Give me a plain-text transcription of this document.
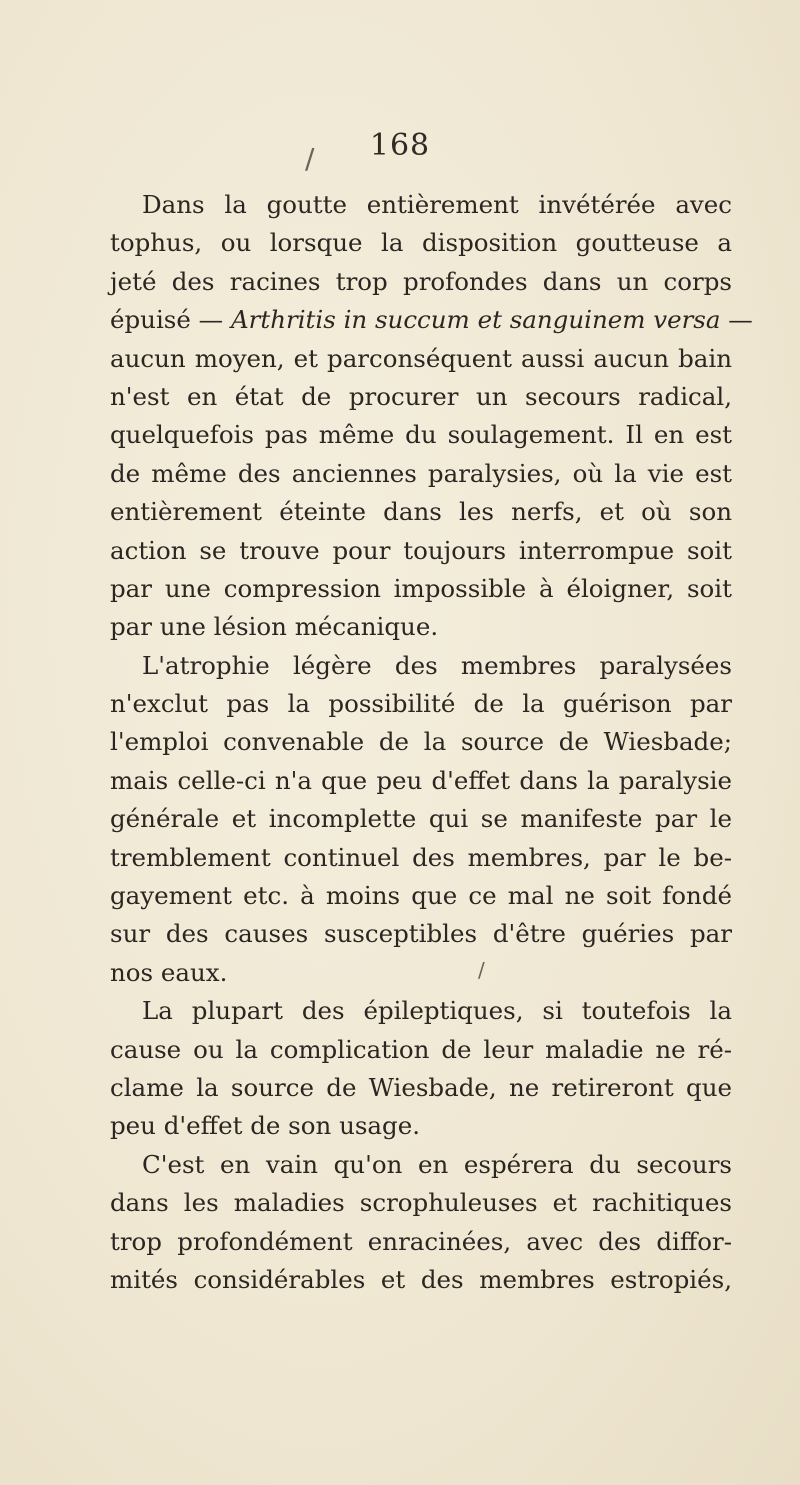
168
/
/
Dans la goutte entièrement invétérée avec
tophus, ou lorsque la disposition goutteuse a
jeté des racines trop profondes dans un corps
épuisé — Arthritis in succum et sanguinem versa —
aucun moyen, et parconséquent aussi aucun bain
n'est en état de procurer un secours radical,
quelquefois pas même du soulagement. Il en est
de même des anciennes paralysies, où la vie est
entièrement éteinte dans les nerfs, et où son
action se trouve pour toujours interrompue soit
par une compression impossible à éloigner, soit
par une lésion mécanique.
L'atrophie légère des membres paralysées
n'exclut pas la possibilité de la guérison par
l'emploi convenable de la source de Wiesbade;
mais celle-ci n'a que peu d'effet dans la paralysie
générale et incomplette qui se manifeste par le
tremblement continuel des membres, par le be-
gayement etc. à moins que ce mal ne soit fondé
sur des causes susceptibles d'être guéries par
nos eaux.
La plupart des épileptiques, si toutefois la
cause ou la complication de leur maladie ne ré-
clame la source de Wiesbade, ne retireront que
peu d'effet de son usage.
C'est en vain qu'on en espérera du secours
dans les maladies scrophuleuses et rachitiques
trop profondément enracinées, avec des diffor-
mités considérables et des membres estropiés,
